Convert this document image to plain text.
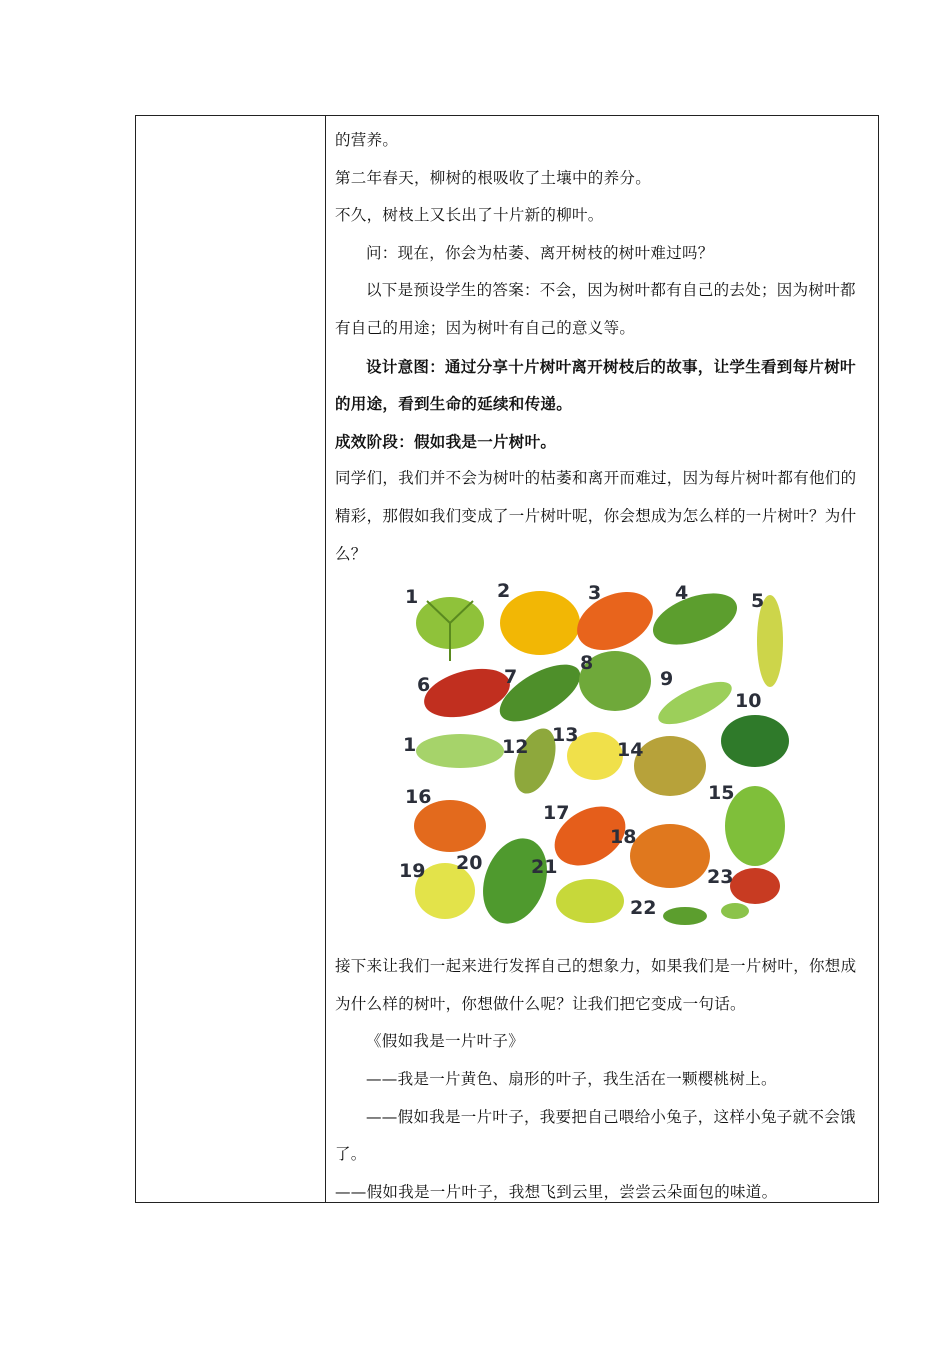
的营养。

第二年春天，柳树的根吸收了土壤中的养分。

不久，树枝上又长出了十片新的柳叶。

问：现在，你会为枯萎、离开树枝的树叶难过吗？

以下是预设学生的答案：不会，因为树叶都有自己的去处；因为树叶都有自己的用途；因为树叶有自己的意义等。

设计意图：通过分享十片树叶离开树枝后的故事，让学生看到每片树叶的用途，看到生命的延续和传递。

成效阶段：假如我是一片树叶。

同学们，我们并不会为树叶的枯萎和离开而难过，因为每片树叶都有他们的精彩，那假如我们变成了一片树叶呢，你会想成为怎么样的一片树叶？为什么？

1	2	3	4	5
6	7
8
9
10
1	12
13
14
15
16
17
18
19 20	21
22
23

接下来让我们一起来进行发挥自己的想象力，如果我们是一片树叶，你想成为什么样的树叶，你想做什么呢？让我们把它变成一句话。

《假如我是一片叶子》

——我是一片黄色、扇形的叶子，我生活在一颗樱桃树上。

——假如我是一片叶子，我要把自己喂给小兔子，这样小兔子就不会饿了。

——假如我是一片叶子，我想飞到云里，尝尝云朵面包的味道。
